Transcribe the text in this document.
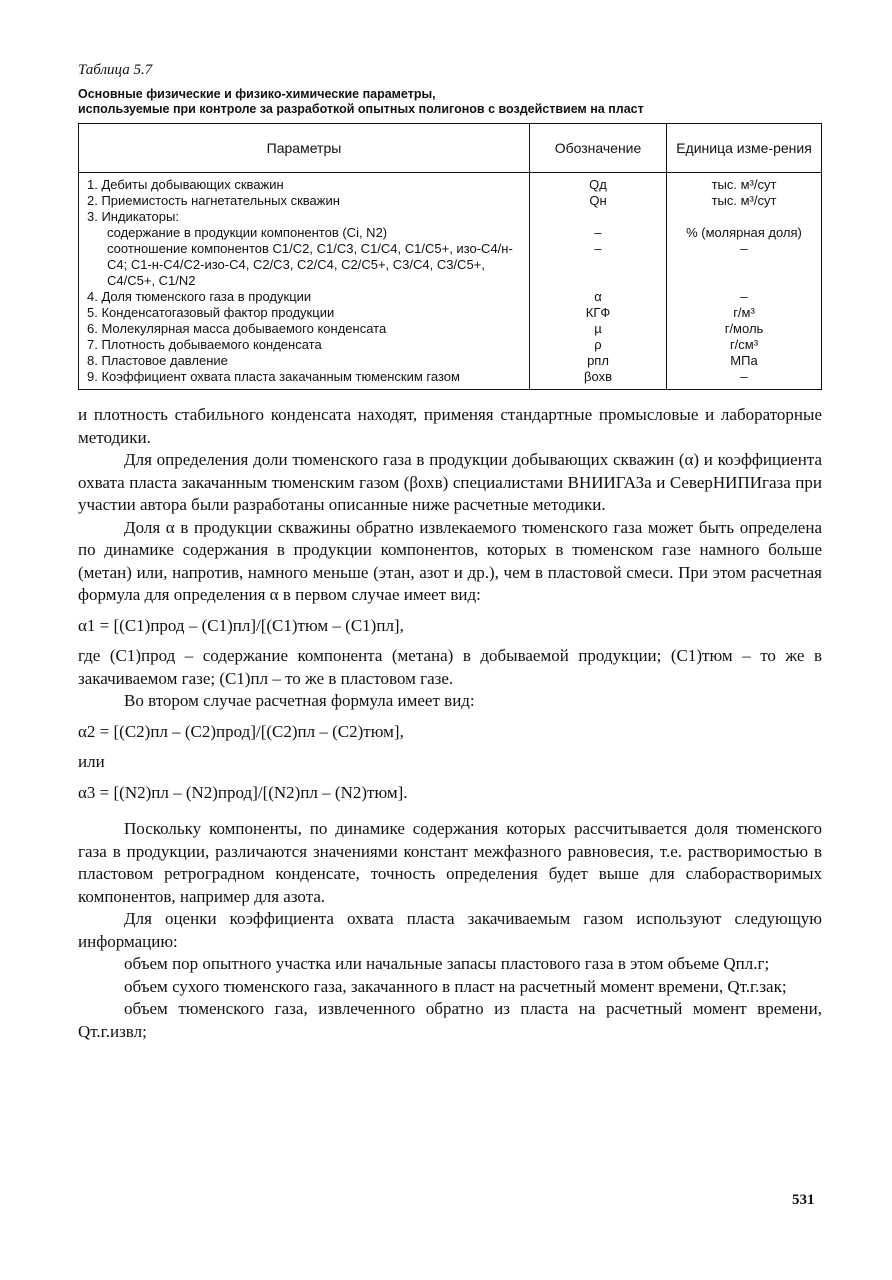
Таблица 5.7
Основные физические и физико-химические параметры,
используемые при контроле за разработкой опытных полигонов с воздействием на пласт
Параметры	Обозначение	Единица изме-рения
1. Дебиты добывающих скважин	Qд	тыс. м³/сут
2. Приемистость нагнетательных скважин	Qн	тыс. м³/сут
3. Индикаторы:		
содержание в продукции компонентов (Ci, N2)	–	% (молярная доля)
соотношение компонентов C1/C2, C1/C3, C1/C4, C1/C5+, изо-C4/н-C4; C1-н-C4/C2-изо-C4, C2/C3, C2/C4, C2/C5+, C3/C4, C3/C5+, C4/C5+, C1/N2	–	–
4. Доля тюменского газа в продукции	α	–
5. Конденсатогазовый фактор продукции	КГФ	г/м³
6. Молекулярная масса добываемого конденсата	µ	г/моль
7. Плотность добываемого конденсата	ρ	г/см³
8. Пластовое давление	pпл	МПа
9. Коэффициент охвата пласта закачанным тюменским газом	βохв	–

и плотность стабильного конденсата находят, применяя стандартные промысловые и лабораторные методики.

Для определения доли тюменского газа в продукции добывающих скважин (α) и коэффициента охвата пласта закачанным тюменским газом (βохв) специалистами ВНИИГАЗа и СеверНИПИгаза при участии автора были разработаны описанные ниже расчетные методики.

Доля α в продукции скважины обратно извлекаемого тюменского газа может быть определена по динамике содержания в продукции компонентов, которых в тюменском газе намного больше (метан) или, напротив, намного меньше (этан, азот и др.), чем в пластовой смеси. При этом расчетная формула для определения α в первом случае имеет вид:

α1 = [(C1)прод – (C1)пл]/[(C1)тюм – (C1)пл],

где (C1)прод – содержание компонента (метана) в добываемой продукции; (C1)тюм – то же в закачиваемом газе; (C1)пл – то же в пластовом газе.

Во втором случае расчетная формула имеет вид:

α2 = [(C2)пл – (C2)прод]/[(C2)пл – (C2)тюм],

или

α3 = [(N2)пл – (N2)прод]/[(N2)пл – (N2)тюм].

Поскольку компоненты, по динамике содержания которых рассчитывается доля тюменского газа в продукции, различаются значениями констант межфазного равновесия, т.е. растворимостью в пластовом ретроградном конденсате, точность определения будет выше для слаборастворимых компонентов, например для азота.

Для оценки коэффициента охвата пласта закачиваемым газом используют следующую информацию:

объем пор опытного участка или начальные запасы пластового газа в этом объеме Qпл.г;

объем сухого тюменского газа, закачанного в пласт на расчетный момент времени, Qт.г.зак;

объем тюменского газа, извлеченного обратно из пласта на расчетный момент времени, Qт.г.извл;

531
